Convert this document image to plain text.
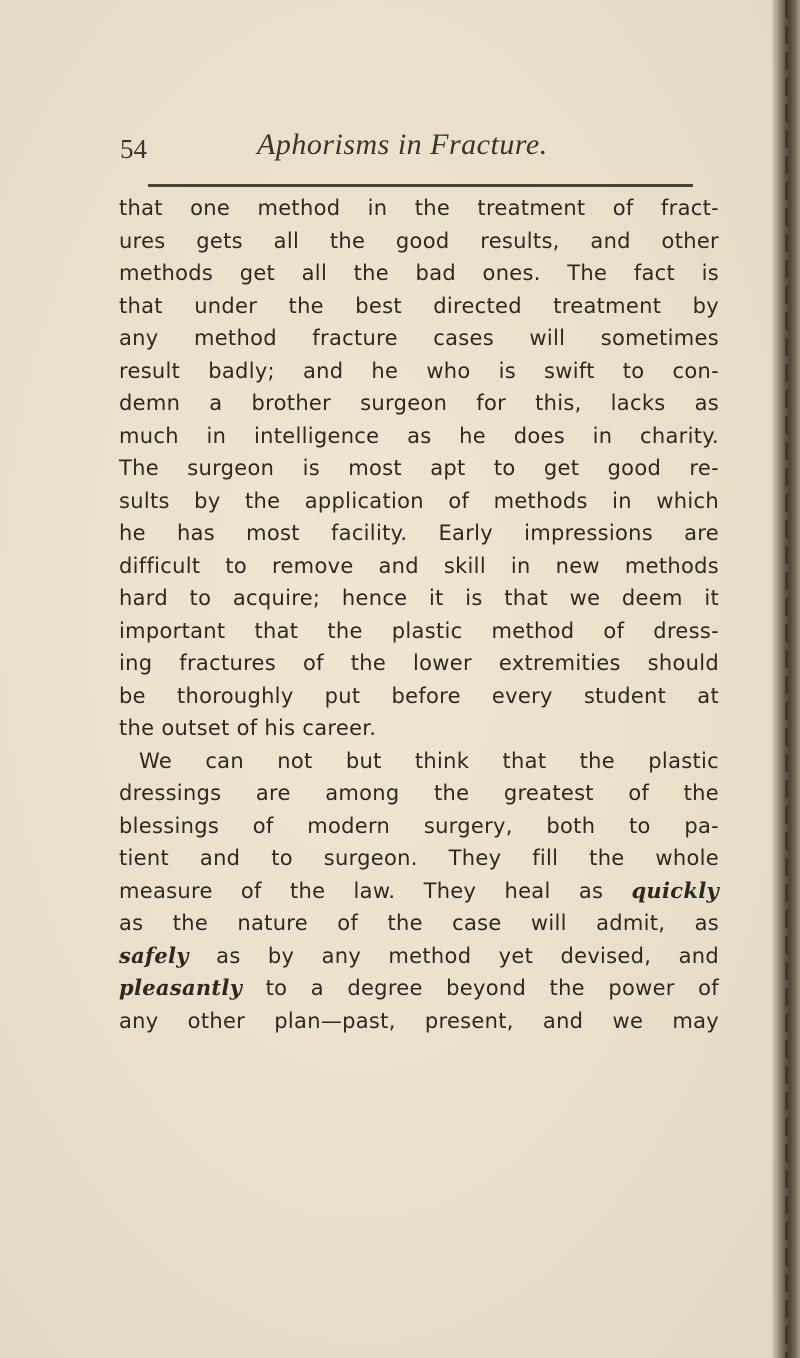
54	Aphorisms in Fracture.
that one method in the treatment of fract-
ures gets all the good results, and other
methods get all the bad ones. The fact is
that under the best directed treatment by
any method fracture cases will sometimes
result badly; and he who is swift to con-
demn a brother surgeon for this, lacks as
much in intelligence as he does in charity.
The surgeon is most apt to get good re-
sults by the application of methods in which
he has most facility. Early impressions are
difficult to remove and skill in new methods
hard to acquire; hence it is that we deem it
important that the plastic method of dress-
ing fractures of the lower extremities should
be thoroughly put before every student at
the outset of his career.
We can not but think that the plastic
dressings are among the greatest of the
blessings of modern surgery, both to pa-
tient and to surgeon. They fill the whole
measure of the law. They heal as quickly
as the nature of the case will admit, as
safely as by any method yet devised, and
pleasantly to a degree beyond the power of
any other plan—past, present, and we may
